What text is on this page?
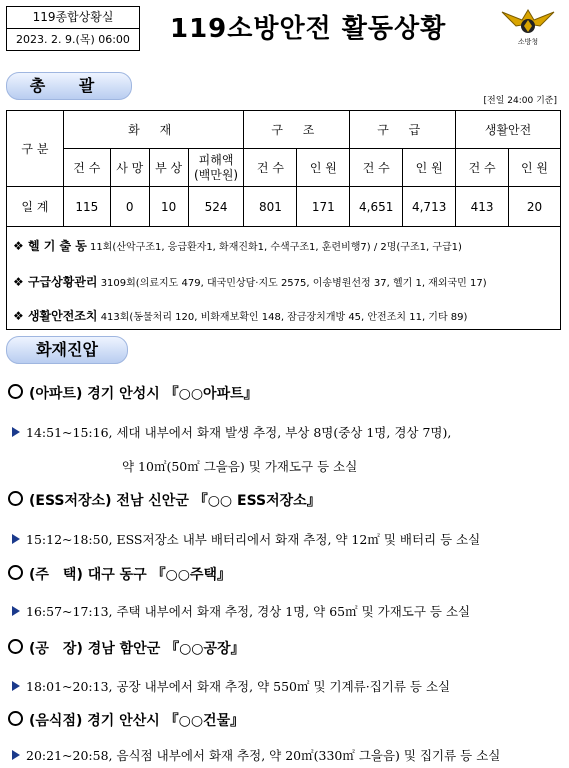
119종합상황실
2023. 2. 9.(목) 06:00	119소방안전 활동상황	소방청
총 괄
[전일 24:00 기준]
구 분	화 재				구 조		구 급		생활안전	
	건 수	사 망	부 상	피해액
(백만원)	건 수	인 원	건 수	인 원	건 수	인 원
일 계	115	0	10	524	801	171	4,651	4,713	413	20
❖ 헬 기 출 동 11회(산악구조1, 응급환자1, 화재진화1, 수색구조1, 훈련비행7) / 2명(구조1, 구급1)
❖ 구급상황관리 3109회(의료지도 479, 대국민상담·지도 2575, 이송병원선정 37, 헬기 1, 재외국민 17)
❖ 생활안전조치 413회(동물처리 120, 비화재보확인 148, 잠금장치개방 45, 안전조치 11, 기타 89)
화재진압
(아파트) 경기 안성시 『○○아파트』
14:51~15:16, 세대 내부에서 화재 발생 추정, 부상 8명(중상 1명, 경상 7명),
약 10㎡(50㎡ 그을음) 및 가재도구 등 소실
(ESS저장소) 전남 신안군 『○○ ESS저장소』
15:12~18:50, ESS저장소 내부 배터리에서 화재 추정, 약 12㎡ 및 배터리 등 소실
(주　택) 대구 동구 『○○주택』
16:57~17:13, 주택 내부에서 화재 추정, 경상 1명, 약 65㎡ 및 가재도구 등 소실
(공　장) 경남 함안군 『○○공장』
18:01~20:13, 공장 내부에서 화재 추정, 약 550㎡ 및 기계류·집기류 등 소실
(음식점) 경기 안산시 『○○건물』
20:21~20:58, 음식점 내부에서 화재 추정, 약 20㎡(330㎡ 그을음) 및 집기류 등 소실
